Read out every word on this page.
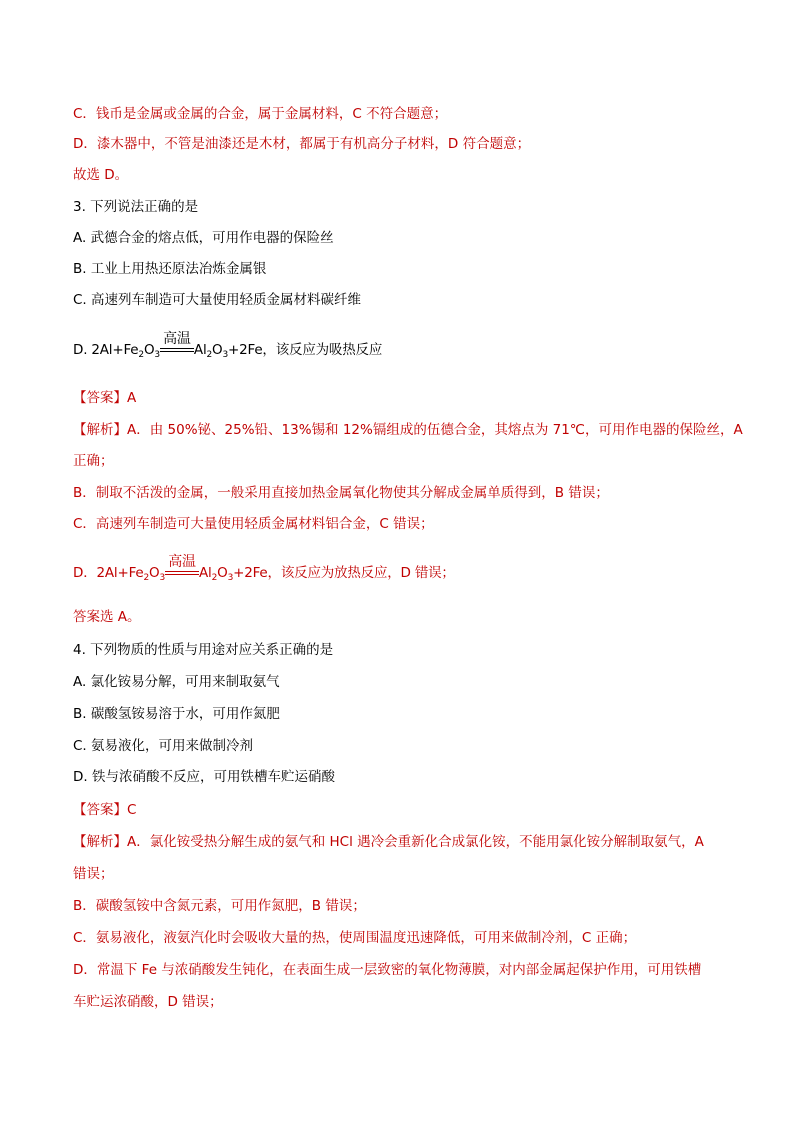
C．钱币是金属或金属的合金，属于金属材料，C 不符合题意；
D．漆木器中，不管是油漆还是木材，都属于有机高分子材料，D 符合题意；
故选 D。
3. 下列说法正确的是
A. 武德合金的熔点低，可用作电器的保险丝
B. 工业上用热还原法冶炼金属银
C. 高速列车制造可大量使用轻质金属材料碳纤维
D. $2Al+Fe_2O_3$
高温
$Al_2O_3+2Fe$，该反应为吸热反应
【答案】A
【解析】A．由 50%铋、25%铅、13%锡和 12%镉组成的伍德合金，其熔点为 71℃，可用作电器的保险丝，A
正确；
B．制取不活泼的金属，一般采用直接加热金属氧化物使其分解成金属单质得到，B 错误；
C．高速列车制造可大量使用轻质金属材料铝合金，C 错误；
D．$2Al+Fe_2O_3$
高温
$Al_2O_3+2Fe$，该反应为放热反应，D 错误；
答案选 A。
4. 下列物质的性质与用途对应关系正确的是
A. 氯化铵易分解，可用来制取氨气
B. 碳酸氢铵易溶于水，可用作氮肥
C. 氨易液化，可用来做制冷剂
D. 铁与浓硝酸不反应，可用铁槽车贮运硝酸
【答案】C
【解析】A．氯化铵受热分解生成的氨气和 HCl 遇冷会重新化合成氯化铵，不能用氯化铵分解制取氨气，A
错误；
B．碳酸氢铵中含氮元素，可用作氮肥，B 错误；
C．氨易液化，液氨汽化时会吸收大量的热，使周围温度迅速降低，可用来做制冷剂，C 正确；
D．常温下 Fe 与浓硝酸发生钝化，在表面生成一层致密的氧化物薄膜，对内部金属起保护作用，可用铁槽
车贮运浓硝酸，D 错误；
